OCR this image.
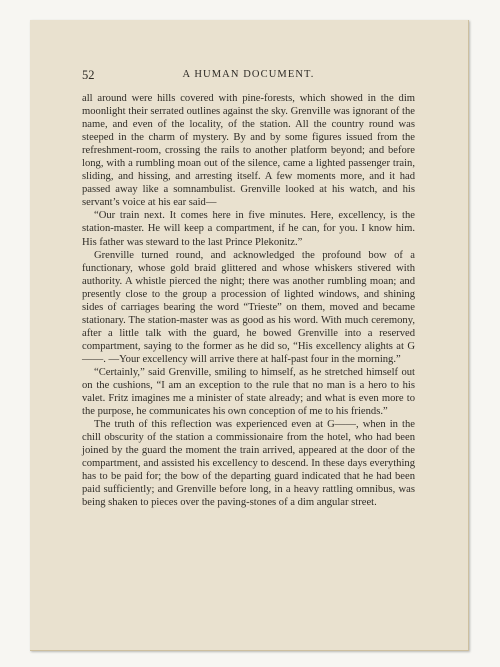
52	A HUMAN DOCUMENT.

all around were hills covered with pine-forests, which showed in the dim moonlight their serrated outlines against the sky. Grenville was ignorant of the name, and even of the locality, of the station. All the country round was steeped in the charm of mystery. By and by some figures issued from the refreshment-room, crossing the rails to another platform beyond; and before long, with a rumbling moan out of the silence, came a lighted passenger train, sliding, and hissing, and arresting itself. A few moments more, and it had passed away like a somnambulist. Grenville looked at his watch, and his servant’s voice at his ear said—

“Our train next. It comes here in five minutes. Here, excellency, is the station-master. He will keep a compartment, if he can, for you. I know him. His father was steward to the last Prince Plekonitz.”

Grenville turned round, and acknowledged the profound bow of a functionary, whose gold braid glittered and whose whiskers stivered with authority. A whistle pierced the night; there was another rumbling moan; and presently close to the group a procession of lighted windows, and shining sides of carriages bearing the word “Trieste” on them, moved and became stationary. The station-master was as good as his word. With much ceremony, after a little talk with the guard, he bowed Grenville into a reserved compartment, saying to the former as he did so, “His excellency alights at G——. —Your excellency will arrive there at half-past four in the morning.”

“Certainly,” said Grenville, smiling to himself, as he stretched himself out on the cushions, “I am an exception to the rule that no man is a hero to his valet. Fritz imagines me a minister of state already; and what is even more to the purpose, he communicates his own conception of me to his friends.”

The truth of this reflection was experienced even at G——, when in the chill obscurity of the station a commissionaire from the hotel, who had been joined by the guard the moment the train arrived, appeared at the door of the compartment, and assisted his excellency to descend. In these days everything has to be paid for; the bow of the departing guard indicated that he had been paid sufficiently; and Grenville before long, in a heavy rattling omnibus, was being shaken to pieces over the paving-stones of a dim angular street.
